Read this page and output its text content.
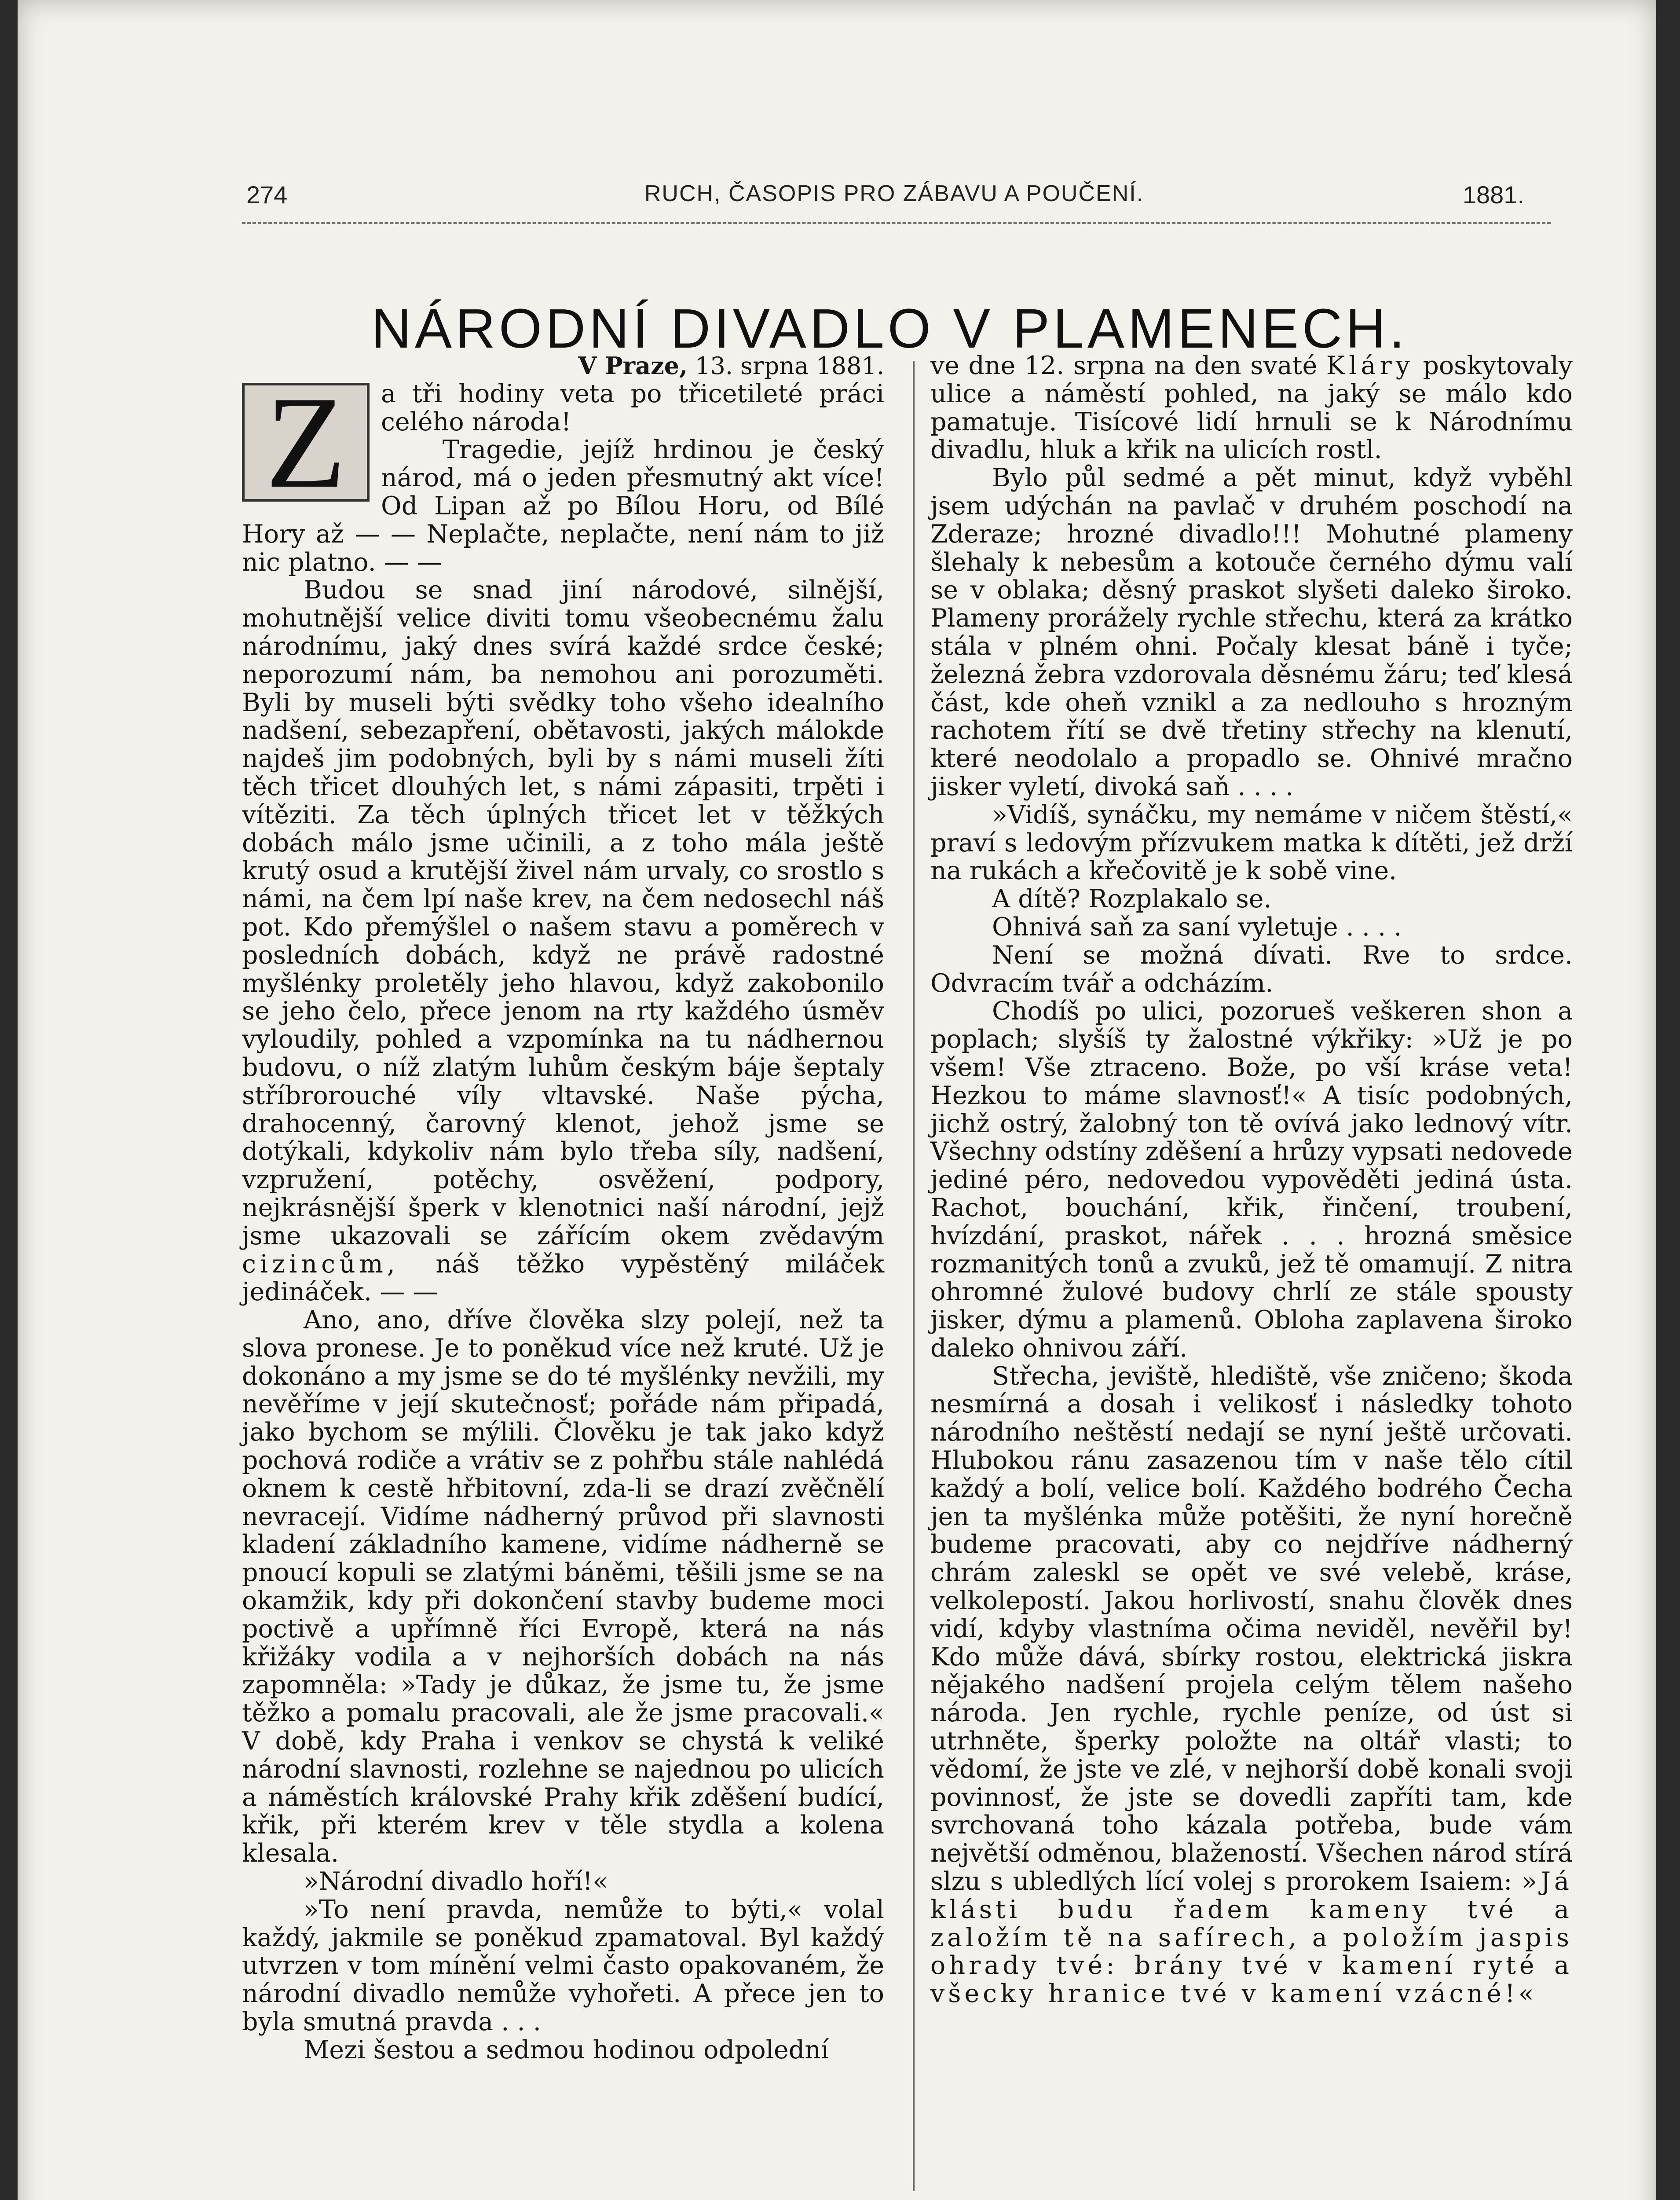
274	RUCH, ČASOPIS PRO ZÁBAVU A POUČENÍ.	1881.
NÁRODNÍ DIVADLO V PLAMENECH.
V Praze, 13. srpna 1881.
Z	a tři hodiny veta po třicetileté práci celého národa!

Tragedie, jejíž hrdinou je český národ, má o jeden přesmutný akt více! Od Lipan až po Bílou Horu, od Bílé Hory až — — Neplačte, neplačte, není nám to již nic platno. — —

Budou se snad jiní národové, silnější, mohutnější velice diviti tomu všeobecnému žalu národnímu, jaký dnes svírá každé srdce české; neporozumí nám, ba nemohou ani porozuměti. Byli by museli býti svědky toho všeho idealního nadšení, sebezapření, obětavosti, jakých málokde najdeš jim podobných, byli by s námi museli žíti těch třicet dlouhých let, s námi zápasiti, trpěti i vítěziti. Za těch úplných třicet let v těžkých dobách málo jsme učinili, a z toho mála ještě krutý osud a krutější živel nám urvaly, co srostlo s námi, na čem lpí naše krev, na čem nedosechl náš pot. Kdo přemýšlel o našem stavu a poměrech v posledních dobách, když ne právě radostné myšlénky proletěly jeho hlavou, když zakobonilo se jeho čelo, přece jenom na rty každého úsměv vyloudily, pohled a vzpomínka na tu nádhernou budovu, o níž zlatým luhům českým báje šeptaly stříbrorouché víly vltavské. Naše pýcha, drahocenný, čarovný klenot, jehož jsme se dotýkali, kdykoliv nám bylo třeba síly, nadšení, vzpružení, potěchy, osvěžení, podpory, nejkrásnější šperk v klenotnici naší národní, jejž jsme ukazovali se zářícím okem zvědavým cizincům, náš těžko vypěstěný miláček jedináček. — —

Ano, ano, dříve člověka slzy polejí, než ta slova pronese. Je to poněkud více než kruté. Už je dokonáno a my jsme se do té myšlénky nevžili, my nevěříme v její skutečnosť; pořáde nám připadá, jako bychom se mýlili. Člověku je tak jako když pochová rodiče a vrátiv se z pohřbu stále nahlédá oknem k cestě hřbitovní, zda-li se drazí zvěčnělí nevracejí. Vidíme nádherný průvod při slavnosti kladení základního kamene, vidíme nádherně se pnoucí kopuli se zlatými báněmi, těšili jsme se na okamžik, kdy při dokončení stavby budeme moci poctivě a upřímně říci Evropě, která na nás křižáky vodila a v nejhorších dobách na nás zapomněla: »Tady je důkaz, že jsme tu, že jsme těžko a pomalu pracovali, ale že jsme pracovali.« V době, kdy Praha i venkov se chystá k veliké národní slavnosti, rozlehne se najednou po ulicích a náměstích královské Prahy křik zděšení budící, křik, při kterém krev v těle stydla a kolena klesala.

»Národní divadlo hoří!«

»To není pravda, nemůže to býti,« volal každý, jakmile se poněkud zpamatoval. Byl každý utvrzen v tom mínění velmi často opakovaném, že národní divadlo nemůže vyhořeti. A přece jen to byla smutná pravda . . .

Mezi šestou a sedmou hodinou odpolední

ve dne 12. srpna na den svaté Kláry poskytovaly ulice a náměstí pohled, na jaký se málo kdo pamatuje. Tisícové lidí hrnuli se k Národnímu divadlu, hluk a křik na ulicích rostl.

Bylo půl sedmé a pět minut, když vyběhl jsem udýchán na pavlač v druhém poschodí na Zderaze; hrozné divadlo!!! Mohutné plameny šlehaly k nebesům a kotouče černého dýmu valí se v oblaka; děsný praskot slyšeti daleko široko. Plameny prorážely rychle střechu, která za krátko stála v plném ohni. Počaly klesat báně i tyče; železná žebra vzdorovala děsnému žáru; teď klesá část, kde oheň vznikl a za nedlouho s hrozným rachotem řítí se dvě třetiny střechy na klenutí, které neodolalo a propadlo se. Ohnivé mračno jisker vyletí, divoká saň . . . .

»Vidíš, synáčku, my nemáme v ničem štěstí,« praví s ledovým přízvukem matka k dítěti, jež drží na rukách a křečovitě je k sobě vine.

A dítě? Rozplakalo se.

Ohnivá saň za saní vyletuje . . . .

Není se možná dívati. Rve to srdce. Odvracím tvář a odcházím.

Chodíš po ulici, pozorueš veškeren shon a poplach; slyšíš ty žalostné výkřiky: »Už je po všem! Vše ztraceno. Bože, po vší kráse veta! Hezkou to máme slavnosť!« A tisíc podobných, jichž ostrý, žalobný ton tě ovívá jako lednový vítr. Všechny odstíny zděšení a hrůzy vypsati nedovede jediné péro, nedovedou vypověděti jediná ústa. Rachot, bouchání, křik, řinčení, troubení, hvízdání, praskot, nářek . . . hrozná směsice rozmanitých tonů a zvuků, jež tě omamují. Z nitra ohromné žulové budovy chrlí ze stále spousty jisker, dýmu a plamenů. Obloha zaplavena široko daleko ohnivou září.

Střecha, jeviště, hlediště, vše zničeno; škoda nesmírná a dosah i velikosť i následky tohoto národního neštěstí nedají se nyní ještě určovati. Hlubokou ránu zasazenou tím v naše tělo cítil každý a bolí, velice bolí. Každého bodrého Čecha jen ta myšlénka může potěšiti, že nyní horečně budeme pracovati, aby co nejdříve nádherný chrám zaleskl se opět ve své velebě, kráse, velkolepostí. Jakou horlivostí, snahu člověk dnes vidí, kdyby vlastníma očima neviděl, nevěřil by! Kdo může dává, sbírky rostou, elektrická jiskra nějakého nadšení projela celým tělem našeho národa. Jen rychle, rychle peníze, od úst si utrhněte, šperky položte na oltář vlasti; to vědomí, že jste ve zlé, v nejhorší době konali svoji povinnosť, že jste se dovedli zapříti tam, kde svrchovaná toho kázala potřeba, bude vám největší odměnou, blažeností. Všechen národ stírá slzu s ubledlých lící volej s prorokem Isaiem: »Já klásti budu řadem kameny tvé a založím tě na safírech, a položím jaspis ohrady tvé: brány tvé v kamení ryté a všecky hranice tvé v kamení vzácné!«
